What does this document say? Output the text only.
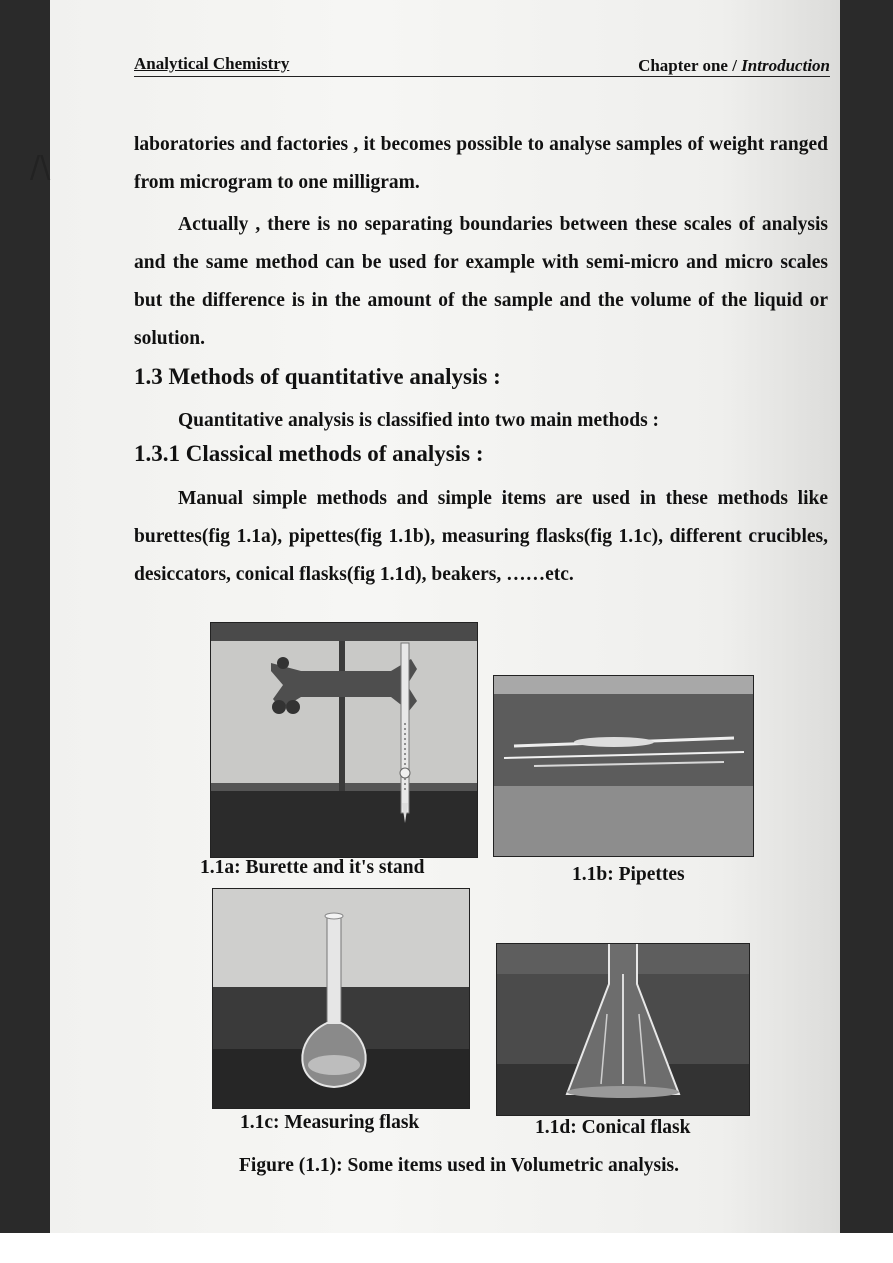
Analytical Chemistry	Chapter one / Introduction

laboratories and factories , it becomes possible to analyse samples of weight ranged from microgram to one milligram.

Actually , there is no separating boundaries between these scales of analysis and the same method can be used for example with semi-micro and micro scales but the difference is in the amount of the sample and the volume of the liquid or solution.

1.3 Methods of quantitative analysis :

Quantitative analysis is classified into two main methods :

1.3.1 Classical methods of analysis :

Manual simple methods and simple items are used in these methods like burettes(fig 1.1a), pipettes(fig 1.1b), measuring flasks(fig 1.1c), different crucibles, desiccators, conical flasks(fig 1.1d), beakers, ……etc.

1.1a: Burette and it's stand	1.1b: Pipettes
1.1c: Measuring flask	1.1d: Conical flask
Figure (1.1): Some items used in Volumetric analysis.
/\
